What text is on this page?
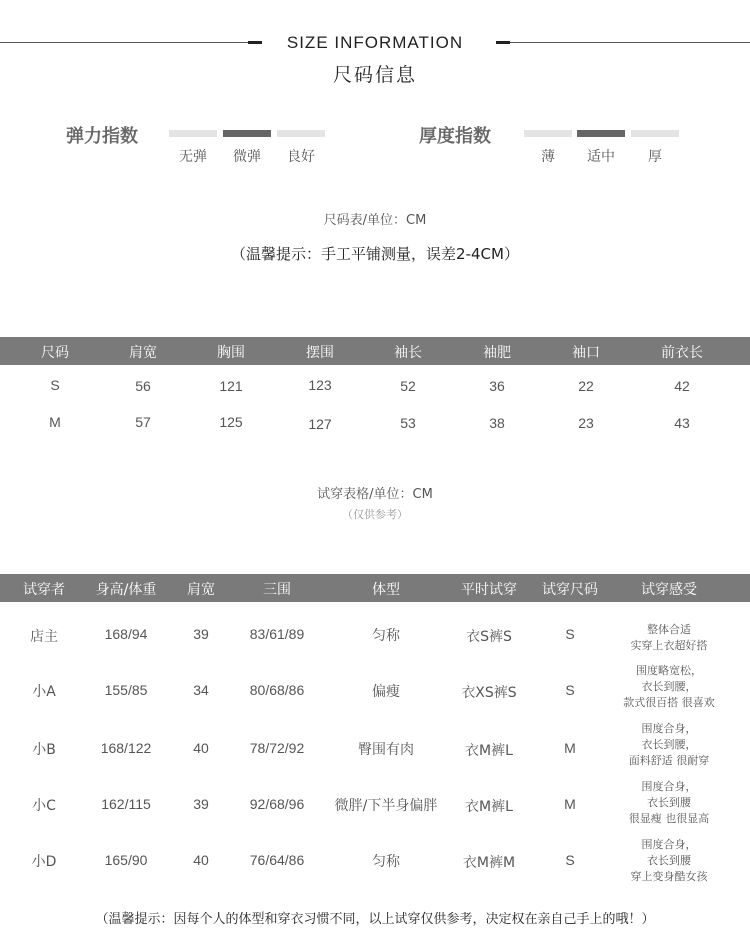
SIZE INFORMATION
尺码信息
弹力指数
无弹	微弹	良好
厚度指数
薄	适中	厚
尺码表/单位：CM
（温馨提示：手工平铺测量，误差2-4CM）
尺码	肩宽	胸围	摆围	袖长	袖肥	袖口	前衣长
S	56	121	123	52	36	22	42
M	57	125	127	53	38	23	43
试穿表格/单位：CM
（仅供参考）
试穿者 身高/体重 肩宽	三围	体型	平时试穿 试穿尺码	试穿感受
店主	168/94	39	83/61/89	匀称	衣S裤S	S	整体合适
实穿上衣超好搭
小A	155/85	34	80/68/86	偏瘦	衣XS裤S	S
围度略宽松，
衣长到腰，
款式很百搭 很喜欢
小B	168/122	40	78/72/92	臀围有肉	衣M裤L	M
围度合身，
衣长到腰，
面料舒适 很耐穿
小C	162/115	39	92/68/96 微胖/下半身偏胖 衣M裤L	M
围度合身，
衣长到腰
很显瘦 也很显高
小D	165/90	40	76/64/86	匀称	衣M裤M	S
围度合身，
衣长到腰
穿上变身酷女孩
（温馨提示：因每个人的体型和穿衣习惯不同，以上试穿仅供参考，决定权在亲自己手上的哦！）
